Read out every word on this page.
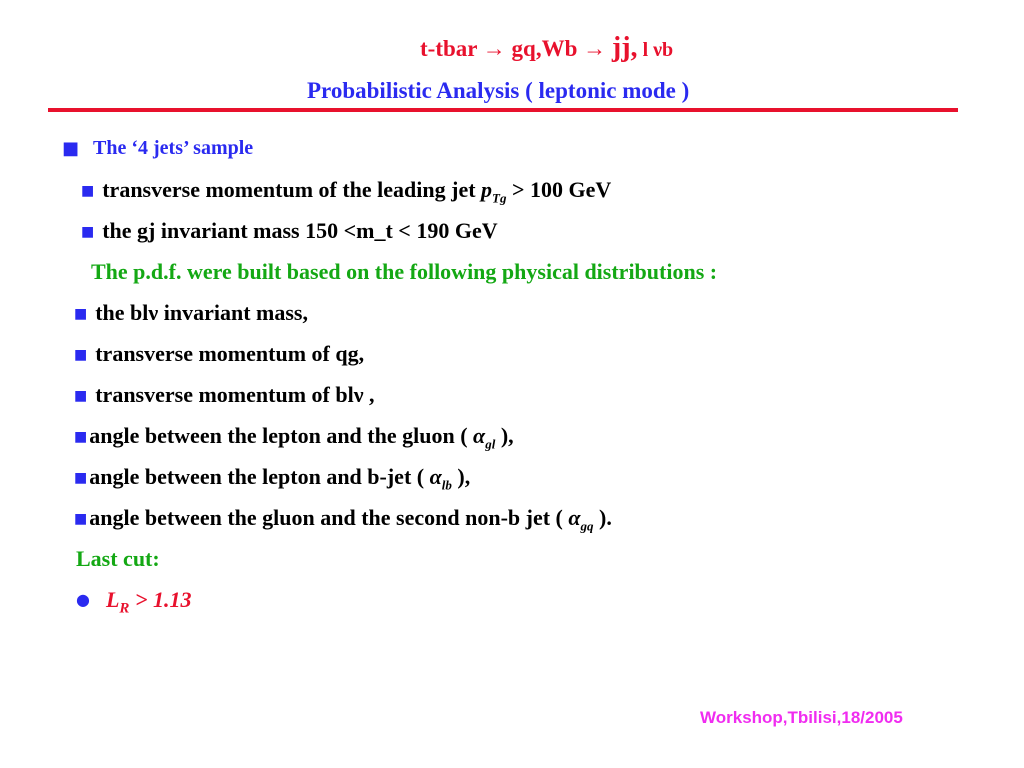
t-tbar → gq,Wb → jj, l νb
Probabilistic Analysis ( leptonic mode )
■ The ‘4 jets’ sample
■ transverse momentum of the leading jet $p_{Tg} > 100$ GeV
■ the gj invariant mass 150 <m_t < 190 GeV
The p.d.f. were built based on the following physical distributions :
■ the blν invariant mass,
■ transverse momentum of qg,
■ transverse momentum of blν ,
■angle between the lepton and the gluon ( $\alpha_{gl}$ ),
■angle between the lepton and b-jet ( $\alpha_{lb}$ ),
■angle between the gluon and the second non-b jet ( $\alpha_{gq}$ ).
Last cut:
● $L_R > 1.13$
Workshop,Tbilisi,18/2005
